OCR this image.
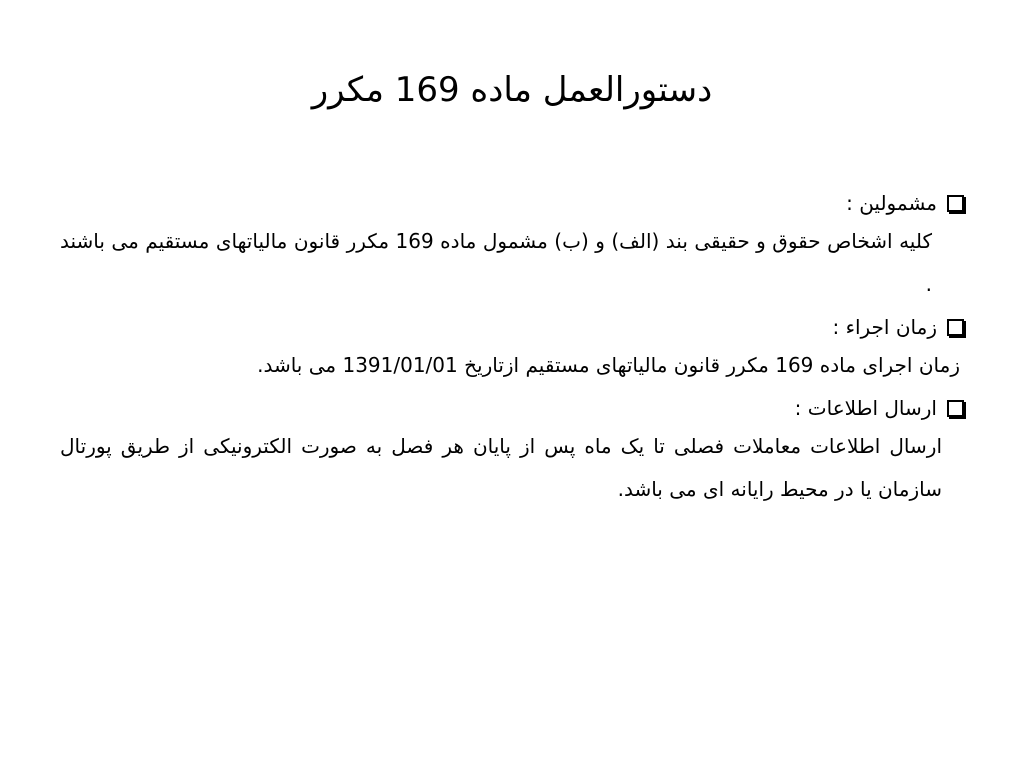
دستورالعمل ماده 169 مکرر
مشمولین :

کلیه اشخاص حقوق و حقیقی بند (الف) و (ب) مشمول ماده 169 مکرر قانون مالیاتهای مستقیم می باشند .

زمان اجراء :

زمان اجرای ماده 169 مکرر قانون مالیاتهای مستقیم ازتاریخ 1391/01/01 می باشد.

ارسال اطلاعات :

ارسال اطلاعات معاملات فصلی تا یک ماه پس از پایان هر فصل به صورت الکترونیکی از طریق پورتال سازمان یا در محیط رایانه ای می باشد.
